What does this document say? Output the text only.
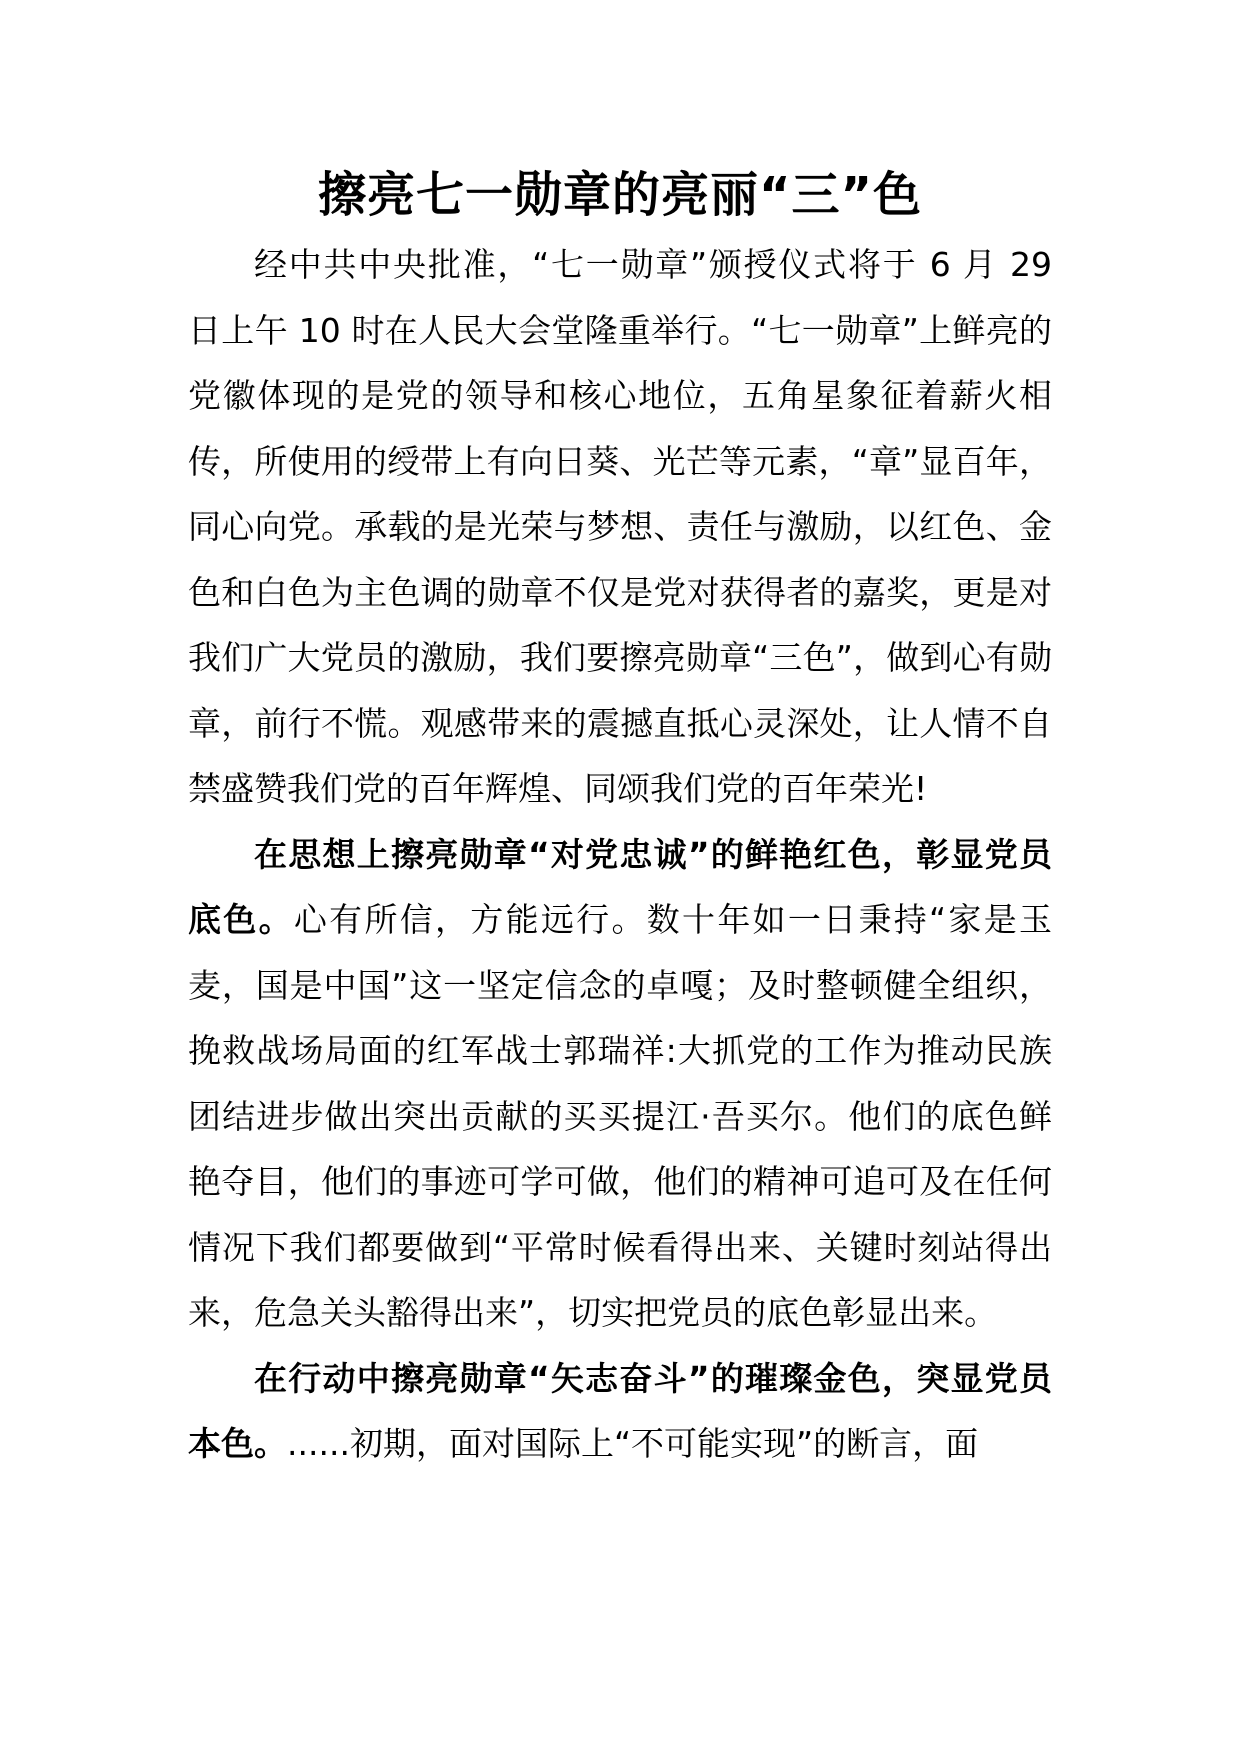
擦亮七一勋章的亮丽“三”色

经中共中央批准，“七一勋章”颁授仪式将于 6 月 29 日上午 10 时在人民大会堂隆重举行。“七一勋章”上鲜亮的党徽体现的是党的领导和核心地位，五角星象征着薪火相传，所使用的绶带上有向日葵、光芒等元素，“章”显百年，同心向党。承载的是光荣与梦想、责任与激励，以红色、金色和白色为主色调的勋章不仅是党对获得者的嘉奖，更是对我们广大党员的激励，我们要擦亮勋章“三色”，做到心有勋章，前行不慌。观感带来的震撼直抵心灵深处，让人情不自禁盛赞我们党的百年辉煌、同颂我们党的百年荣光!

在思想上擦亮勋章“对党忠诚”的鲜艳红色，彰显党员底色。心有所信，方能远行。数十年如一日秉持“家是玉麦，国是中国”这一坚定信念的卓嘎；及时整顿健全组织，挽救战场局面的红军战士郭瑞祥:大抓党的工作为推动民族团结进步做出突出贡献的买买提江·吾买尔。他们的底色鲜艳夺目，他们的事迹可学可做，他们的精神可追可及在任何情况下我们都要做到“平常时候看得出来、关键时刻站得出来，危急关头豁得出来”，切实把党员的底色彰显出来。

在行动中擦亮勋章“矢志奋斗”的璀璨金色，突显党员本色。......初期，面对国际上“不可能实现”的断言，面
